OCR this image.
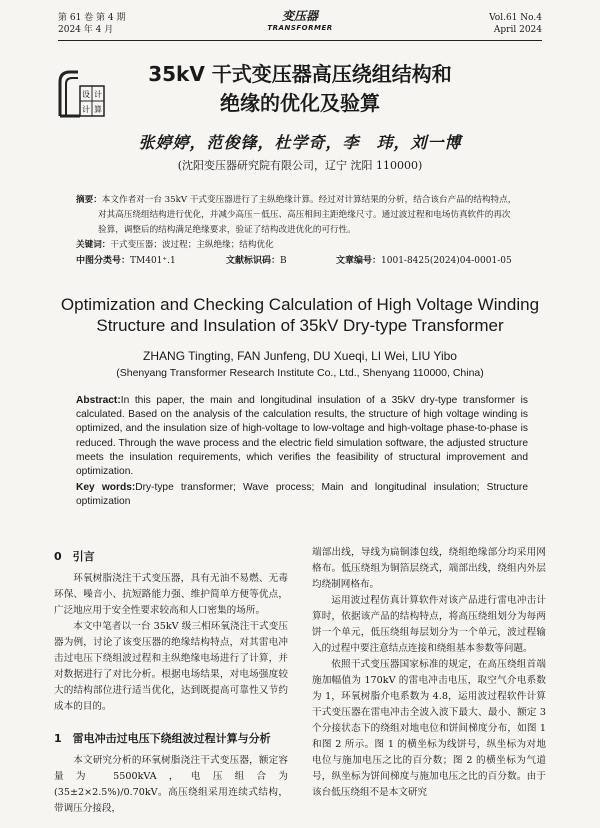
第 61 卷 第 4 期
2024 年 4 月
变压器
TRANSFORMER
Vol.61 No.4
April 2024
设 计
计 算
35kV 干式变压器高压绕组结构和
绝缘的优化及验算
张婷婷，范俊锋，杜学奇，李　玮，刘一博
(沈阳变压器研究院有限公司，辽宁 沈阳 110000)

摘要：本文作者对一台 35kV 干式变压器进行了主纵绝缘计算。经过对计算结果的分析，结合该台产品的结构特点，

对其高压绕组结构进行优化，并减少高压－低压、高压相间主距绝缘尺寸。通过波过程和电场仿真软件的再次

验算，调整后的结构满足绝缘要求，验证了结构改进优化的可行性。

关键词：干式变压器；波过程；主纵绝缘；结构优化

中图分类号：TM401⁺.1	文献标识码：B	文章编号：1001-8425(2024)04-0001-05
Optimization and Checking Calculation of High Voltage Winding
Structure and Insulation of 35kV Dry-type Transformer
ZHANG Tingting, FAN Junfeng, DU Xueqi, LI Wei, LIU Yibo
(Shenyang Transformer Research Institute Co., Ltd., Shenyang 110000, China)
Abstract:In this paper, the main and longitudinal insulation of a 35kV dry-type transformer is calculated. Based on the analysis of the calculation results, the structure of high voltage winding is optimized, and the insulation size of high-voltage to low-voltage and high-voltage phase-to-phase is reduced. Through the wave process and the electric field simulation software, the adjusted structure meets the insulation requirements, which verifies the feasibility of structural improvement and optimization.
Key words:Dry-type transformer; Wave process; Main and longitudinal insulation; Structure optimization

0　引言

环氧树脂浇注干式变压器，具有无油不易燃、无毒环保、噪音小、抗短路能力强、维护简单方便等优点，广泛地应用于安全性要求较高和人口密集的场所。

本文中笔者以一台 35kV 级三相环氧浇注干式变压器为例，讨论了该变压器的绝缘结构特点，对其雷电冲击过电压下绕组波过程和主纵绝缘电场进行了计算，并对数据进行了对比分析。根据电场结果，对电场强度较大的结构部位进行适当优化，达到既提高可靠性又节约成本的目的。

1　雷电冲击过电压下绕组波过程计算与分析

本文研究分析的环氧树脂浇注干式变压器，额定容量为 5500kVA，电压组合为 (35±2×2.5%)/0.70kV。高压绕组采用连续式结构，带调压分接段，

端部出线，导线为扁铜漆包线，绕组绝缘部分均采用网格布。低压绕组为铜箔层绕式，端部出线，绕组内外层均绕制网格布。

运用波过程仿真计算软件对该产品进行雷电冲击计算时，依据该产品的结构特点，将高压绕组划分为每两饼一个单元，低压绕组每层划分为一个单元，波过程输入的过程中要注意结点连接和绕组基本参数等问题。

依照干式变压器国家标准的规定，在高压绕组首端施加幅值为 170kV 的雷电冲击电压，取空气介电系数为 1，环氧树脂介电系数为 4.8，运用波过程软件计算干式变压器在雷电冲击全波入波下最大、最小、额定 3 个分接状态下的绕组对地电位和饼间梯度分布，如图 1 和图 2 所示。图 1 的横坐标为线饼号，纵坐标为对地电位与施加电压之比的百分数；图 2 的横坐标为气道号，纵坐标为饼间梯度与施加电压之比的百分数。由于该台低压绕组不是本文研究
